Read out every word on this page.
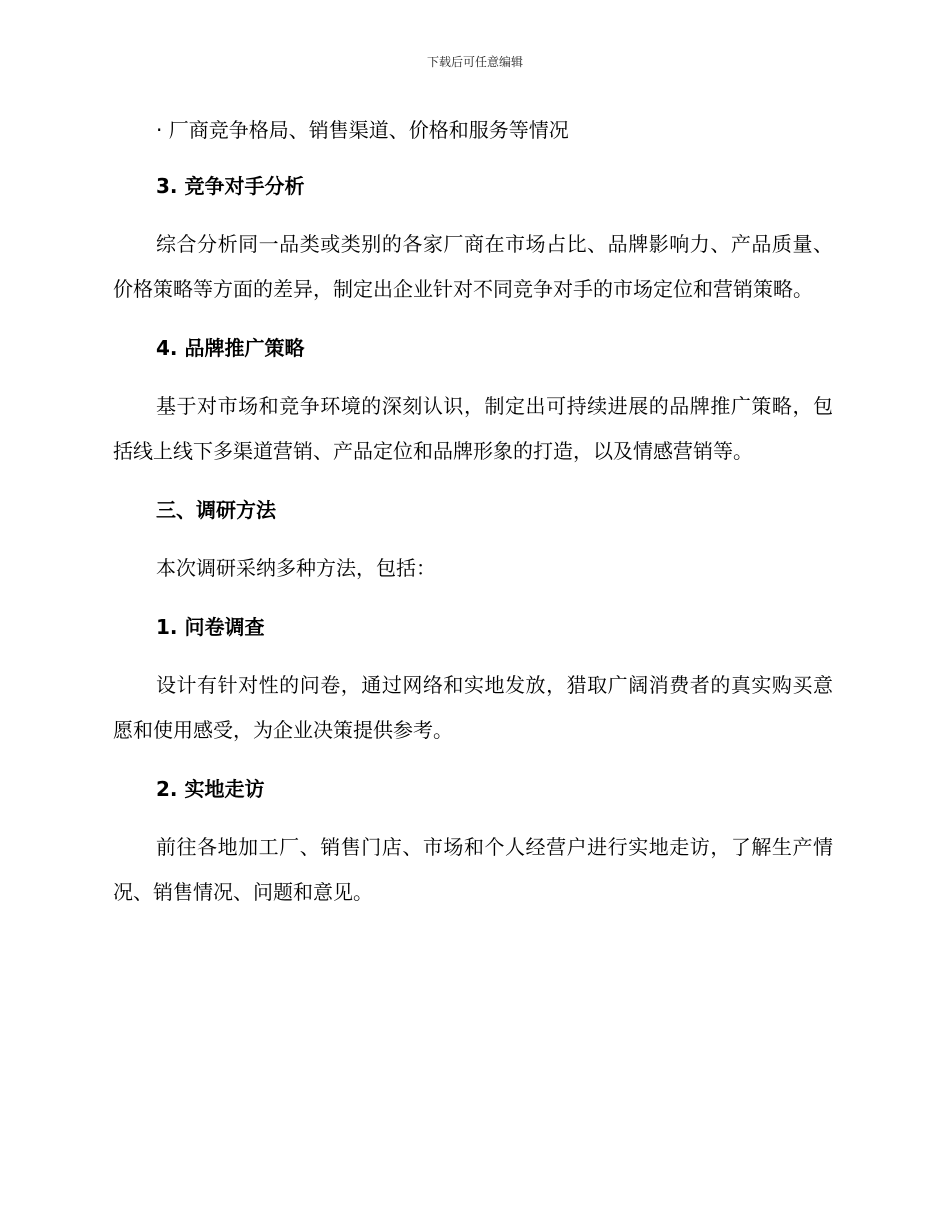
下载后可任意编辑
· 厂商竞争格局、销售渠道、价格和服务等情况
3. 竞争对手分析
综合分析同一品类或类别的各家厂商在市场占比、品牌影响力、产品质量、价格策略等方面的差异，制定出企业针对不同竞争对手的市场定位和营销策略。
4. 品牌推广策略
基于对市场和竞争环境的深刻认识，制定出可持续进展的品牌推广策略，包括线上线下多渠道营销、产品定位和品牌形象的打造，以及情感营销等。
三、调研方法
本次调研采纳多种方法，包括：
1. 问卷调查
设计有针对性的问卷，通过网络和实地发放，猎取广阔消费者的真实购买意愿和使用感受，为企业决策提供参考。
2. 实地走访
前往各地加工厂、销售门店、市场和个人经营户进行实地走访，了解生产情况、销售情况、问题和意见。
